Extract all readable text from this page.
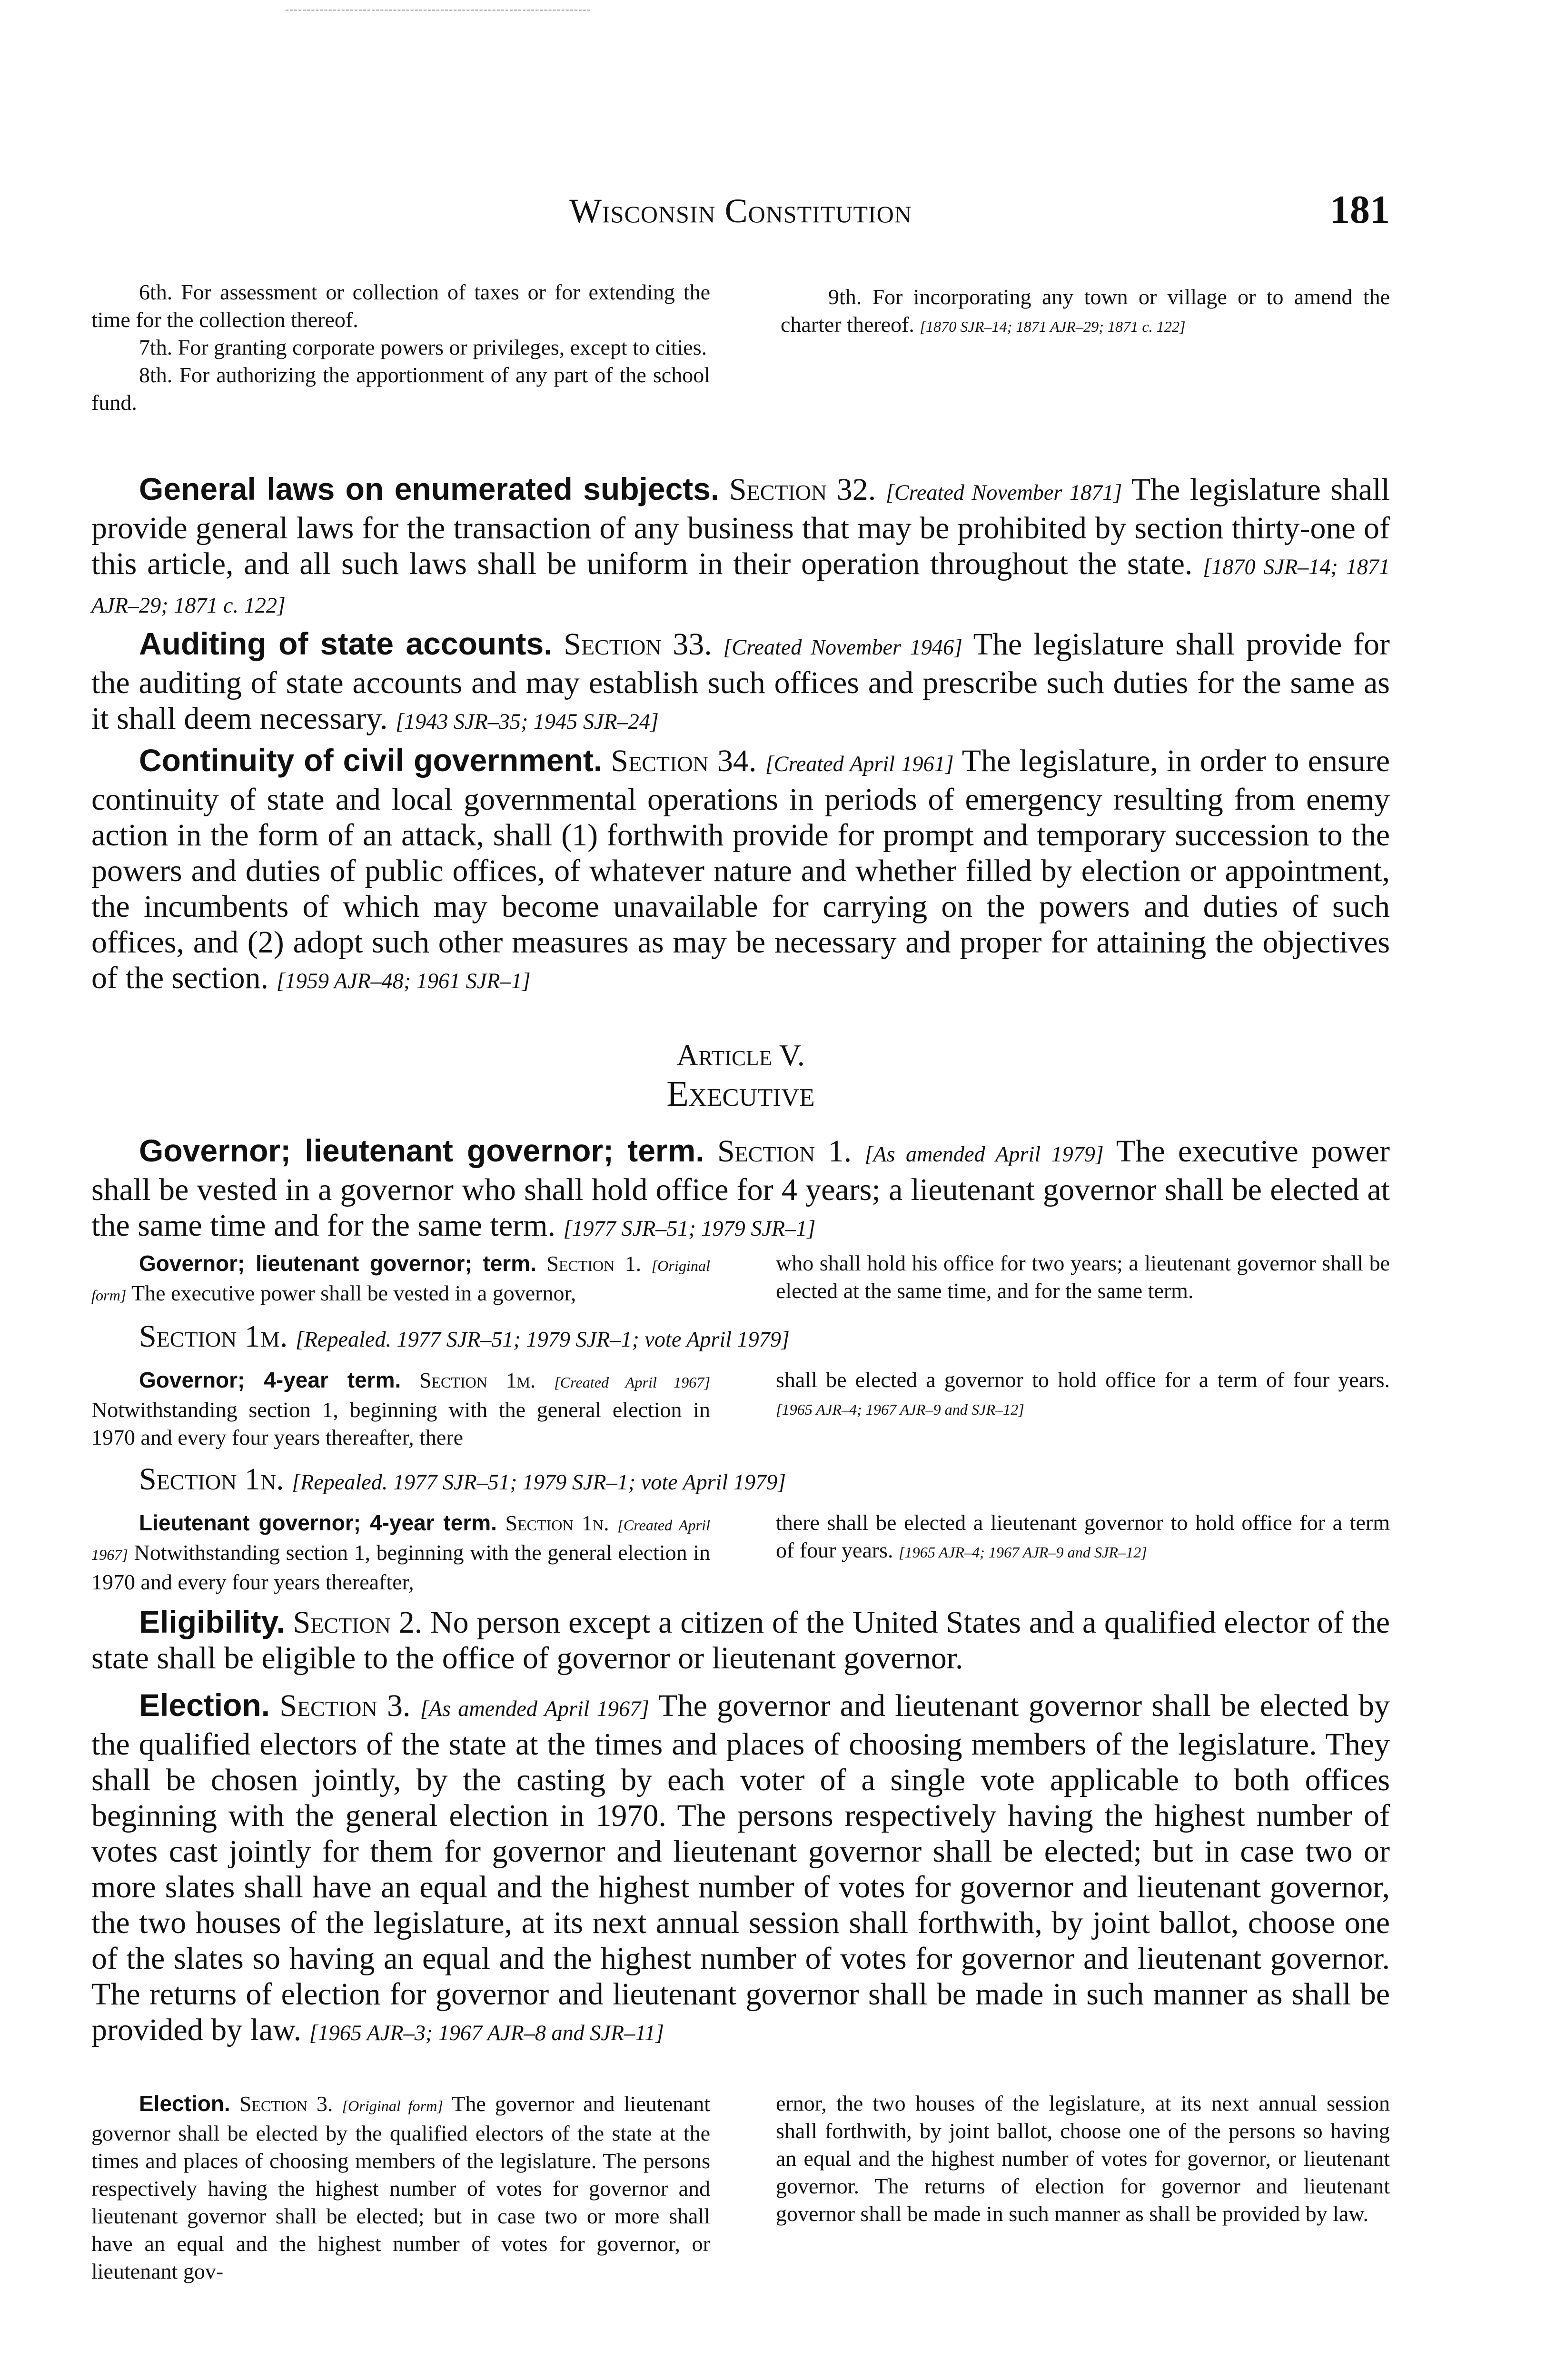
Wisconsin Constitution	181

6th. For assessment or collection of taxes or for extending the time for the collection thereof.

7th. For granting corporate powers or privileges, except to cities.

8th. For authorizing the apportionment of any part of the school fund.

9th. For incorporating any town or village or to amend the charter thereof. [1870 SJR–14; 1871 AJR–29; 1871 c. 122]

General laws on enumerated subjects. Section 32. [Created November 1871] The legislature shall provide general laws for the transaction of any business that may be prohibited by section thirty-one of this article, and all such laws shall be uniform in their operation throughout the state. [1870 SJR–14; 1871 AJR–29; 1871 c. 122]

Auditing of state accounts. Section 33. [Created November 1946] The legislature shall provide for the auditing of state accounts and may establish such offices and prescribe such duties for the same as it shall deem necessary. [1943 SJR–35; 1945 SJR–24]

Continuity of civil government. Section 34. [Created April 1961] The legislature, in order to ensure continuity of state and local governmental operations in periods of emergency resulting from enemy action in the form of an attack, shall (1) forthwith provide for prompt and temporary succession to the powers and duties of public offices, of whatever nature and whether filled by election or appointment, the incumbents of which may become unavailable for carrying on the powers and duties of such offices, and (2) adopt such other measures as may be necessary and proper for attaining the objectives of the section. [1959 AJR–48; 1961 SJR–1]

Article V.
Executive

Governor; lieutenant governor; term. Section 1. [As amended April 1979] The executive power shall be vested in a governor who shall hold office for 4 years; a lieutenant governor shall be elected at the same time and for the same term. [1977 SJR–51; 1979 SJR–1]

Governor; lieutenant governor; term. Section 1. [Original form] The executive power shall be vested in a governor,

who shall hold his office for two years; a lieutenant governor shall be elected at the same time, and for the same term.

Section 1m. [Repealed. 1977 SJR–51; 1979 SJR–1; vote April 1979]

Governor; 4-year term. Section 1m. [Created April 1967] Notwithstanding section 1, beginning with the general election in 1970 and every four years thereafter, there

shall be elected a governor to hold office for a term of four years. [1965 AJR–4; 1967 AJR–9 and SJR–12]

Section 1n. [Repealed. 1977 SJR–51; 1979 SJR–1; vote April 1979]

Lieutenant governor; 4-year term. Section 1n. [Created April 1967] Notwithstanding section 1, beginning with the general election in 1970 and every four years thereafter,

there shall be elected a lieutenant governor to hold office for a term of four years. [1965 AJR–4; 1967 AJR–9 and SJR–12]

Eligibility. Section 2. No person except a citizen of the United States and a qualified elector of the state shall be eligible to the office of governor or lieutenant governor.

Election. Section 3. [As amended April 1967] The governor and lieutenant governor shall be elected by the qualified electors of the state at the times and places of choosing members of the legislature. They shall be chosen jointly, by the casting by each voter of a single vote applicable to both offices beginning with the general election in 1970. The persons respectively having the highest number of votes cast jointly for them for governor and lieutenant governor shall be elected; but in case two or more slates shall have an equal and the highest number of votes for governor and lieutenant governor, the two houses of the legislature, at its next annual session shall forthwith, by joint ballot, choose one of the slates so having an equal and the highest number of votes for governor and lieutenant governor. The returns of election for governor and lieutenant governor shall be made in such manner as shall be provided by law. [1965 AJR–3; 1967 AJR–8 and SJR–11]

Election. Section 3. [Original form] The governor and lieutenant governor shall be elected by the qualified electors of the state at the times and places of choosing members of the legislature. The persons respectively having the highest number of votes for governor and lieutenant governor shall be elected; but in case two or more shall have an equal and the highest number of votes for governor, or lieutenant gov-

ernor, the two houses of the legislature, at its next annual session shall forthwith, by joint ballot, choose one of the persons so having an equal and the highest number of votes for governor, or lieutenant governor. The returns of election for governor and lieutenant governor shall be made in such manner as shall be provided by law.
